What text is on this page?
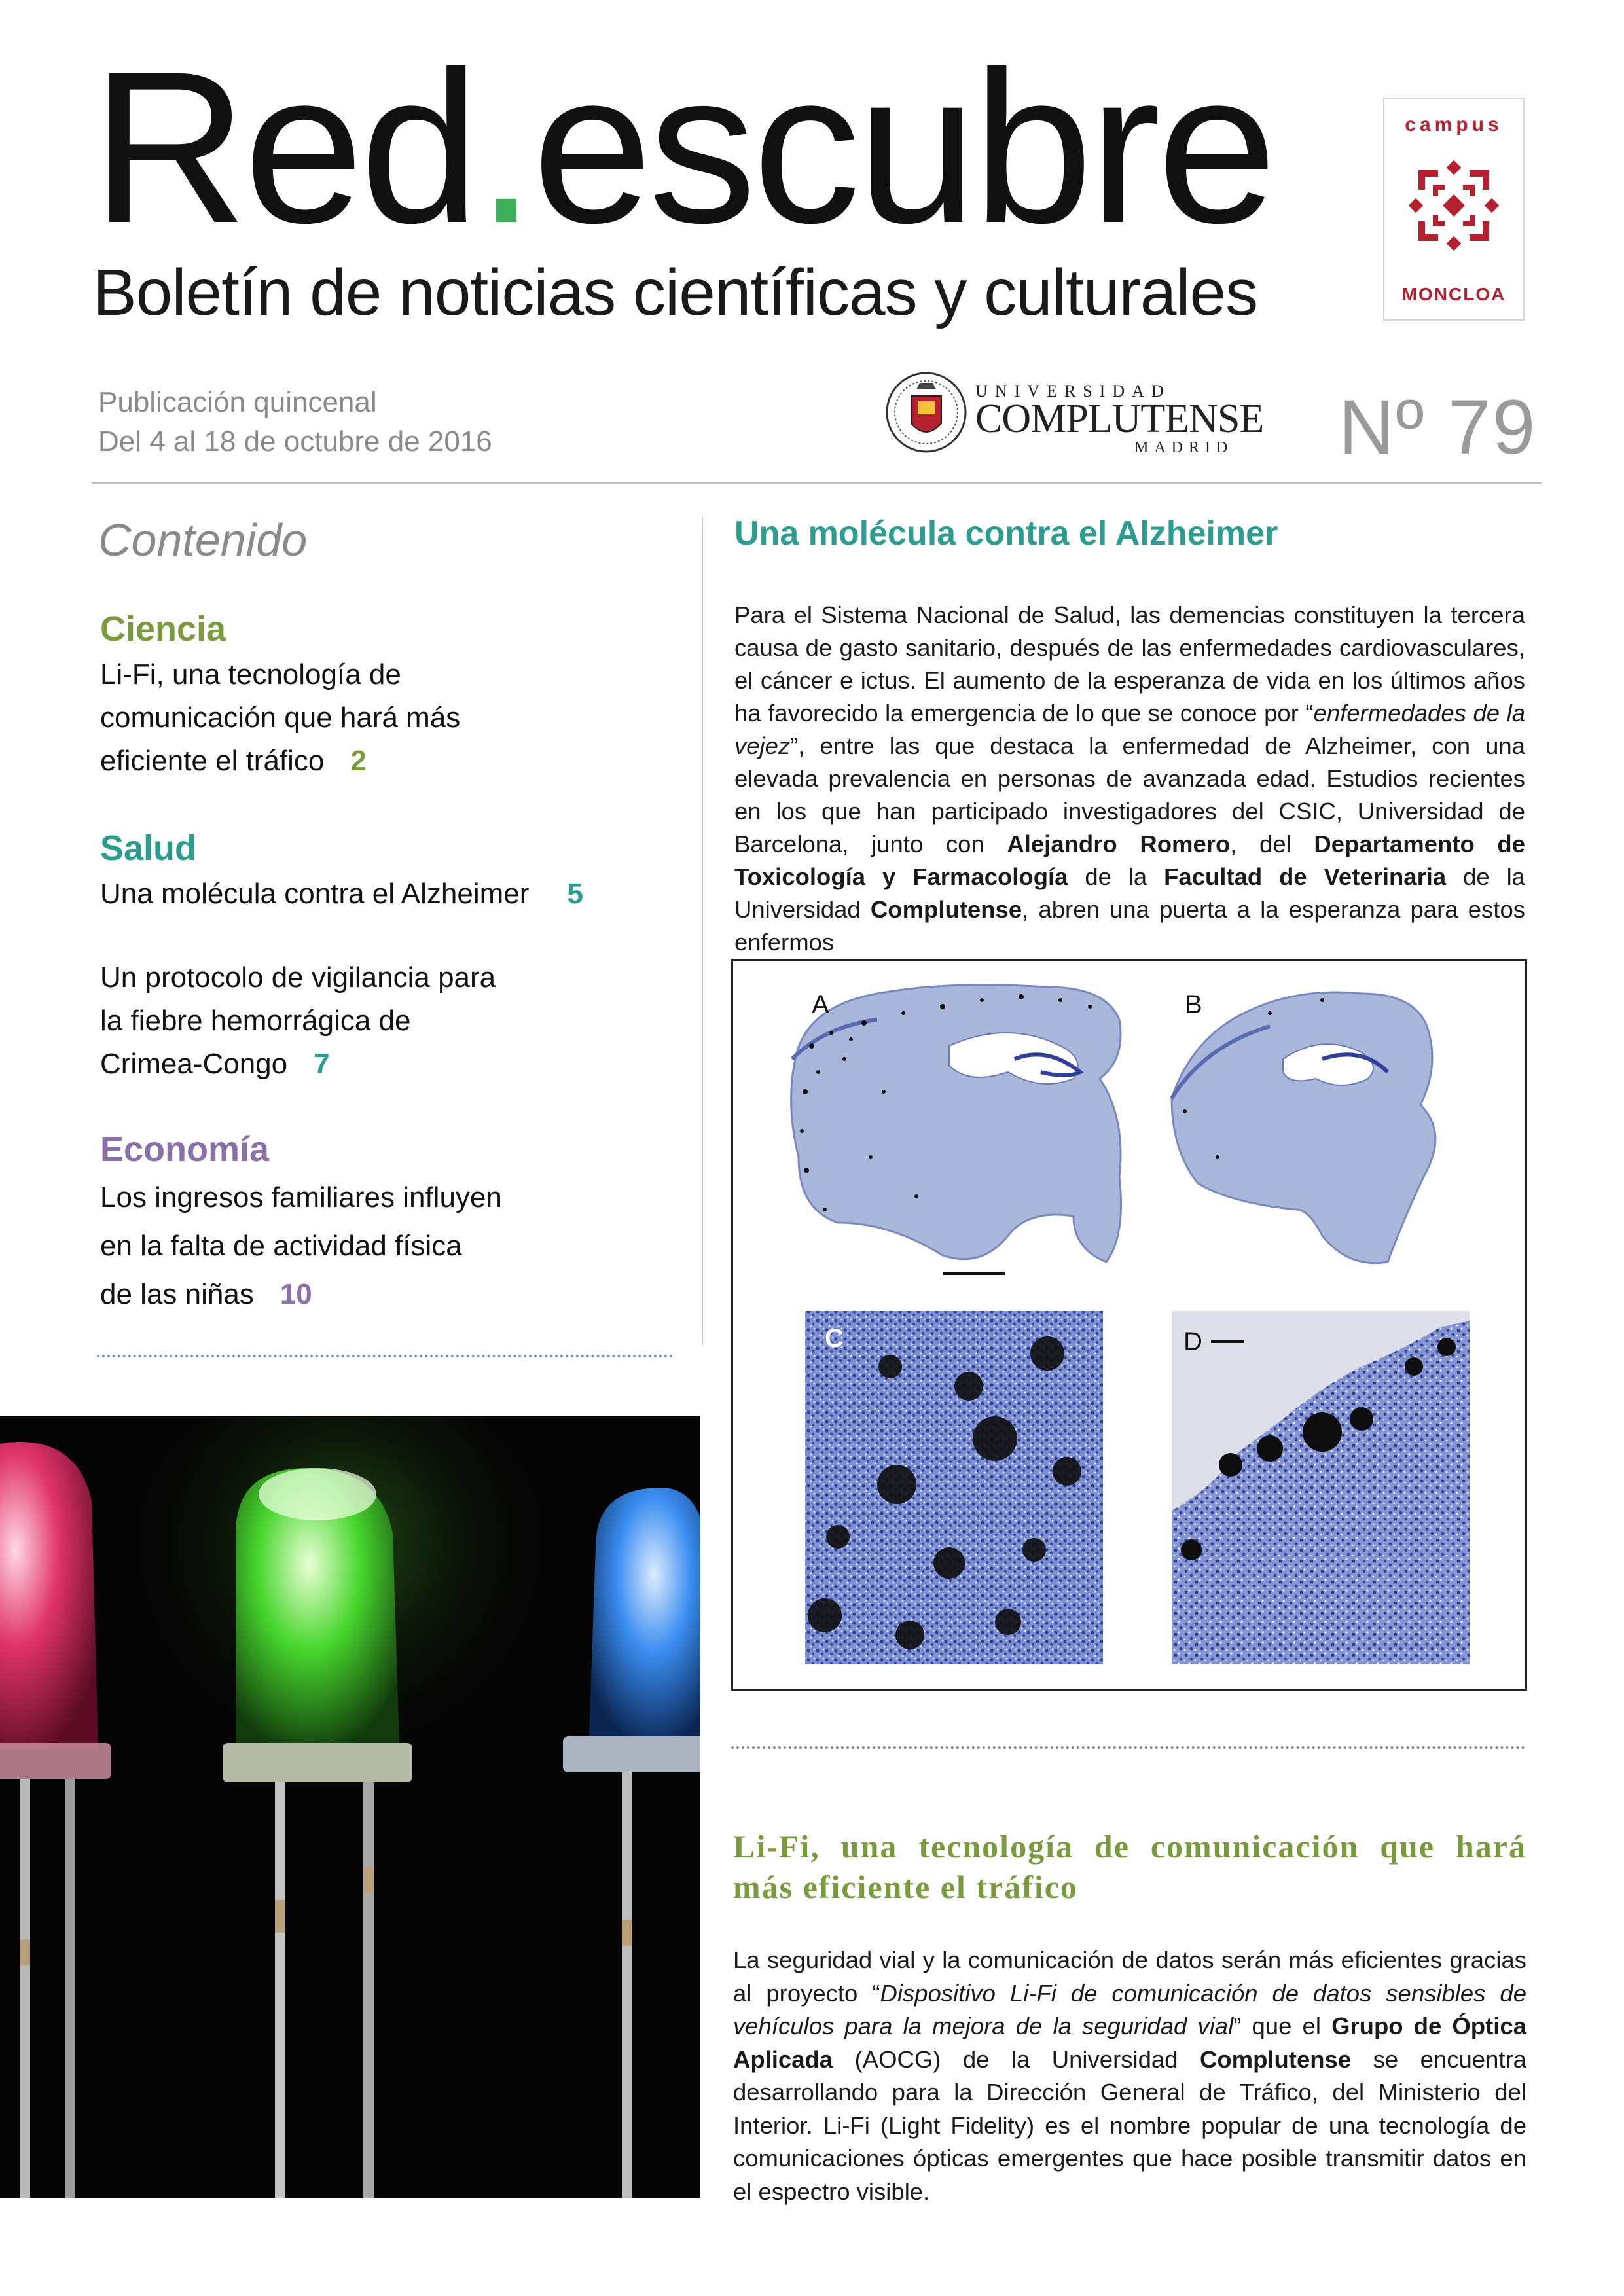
Red.escubre
Boletín de noticias científicas y culturales
campus
MONCLOA
Publicación quincenal
Del 4 al 18 de octubre de 2016
UNIVERSIDAD
COMPLUTENSE
MADRID Nº 79
Contenido
Ciencia
Li-Fi, una tecnología de
comunicación que hará más
eficiente el tráfico 2
Salud
Una molécula contra el Alzheimer 5
Un protocolo de vigilancia para
la fiebre hemorrágica de
Crimea-Congo 7
Economía
Los ingresos familiares influyen
en la falta de actividad física
de las niñas 10
Una molécula contra el Alzheimer
Para el Sistema Nacional de Salud, las demencias constituyen la tercera causa de gasto sanitario, después de las enfermedades cardiovasculares, el cáncer e ictus. El aumento de la esperanza de vida en los últimos años ha favorecido la emergencia de lo que se conoce por “enfermedades de la vejez”, entre las que destaca la enfermedad de Alzheimer, con una elevada prevalencia en personas de avanzada edad. Estudios recientes en los que han participado investigadores del CSIC, Universidad de Barcelona, junto con Alejandro Romero, del Departamento de Toxicología y Farmacología de la Facultad de Veterinaria de la Universidad Complutense, abren una puerta a la esperanza para estos enfermos
A	B
C	D
Li-Fi, una tecnología de comunicación que hará más eficiente el tráfico
La seguridad vial y la comunicación de datos serán más eficientes gracias al proyecto “Dispositivo Li-Fi de comunicación de datos sensibles de vehículos para la mejora de la seguridad vial” que el Grupo de Óptica Aplicada (AOCG) de la Universidad Complutense se encuentra desarrollando para la Dirección General de Tráfico, del Ministerio del Interior. Li-Fi (Light Fidelity) es el nombre popular de una tecnología de comunicaciones ópticas emergentes que hace posible transmitir datos en el espectro visible.
